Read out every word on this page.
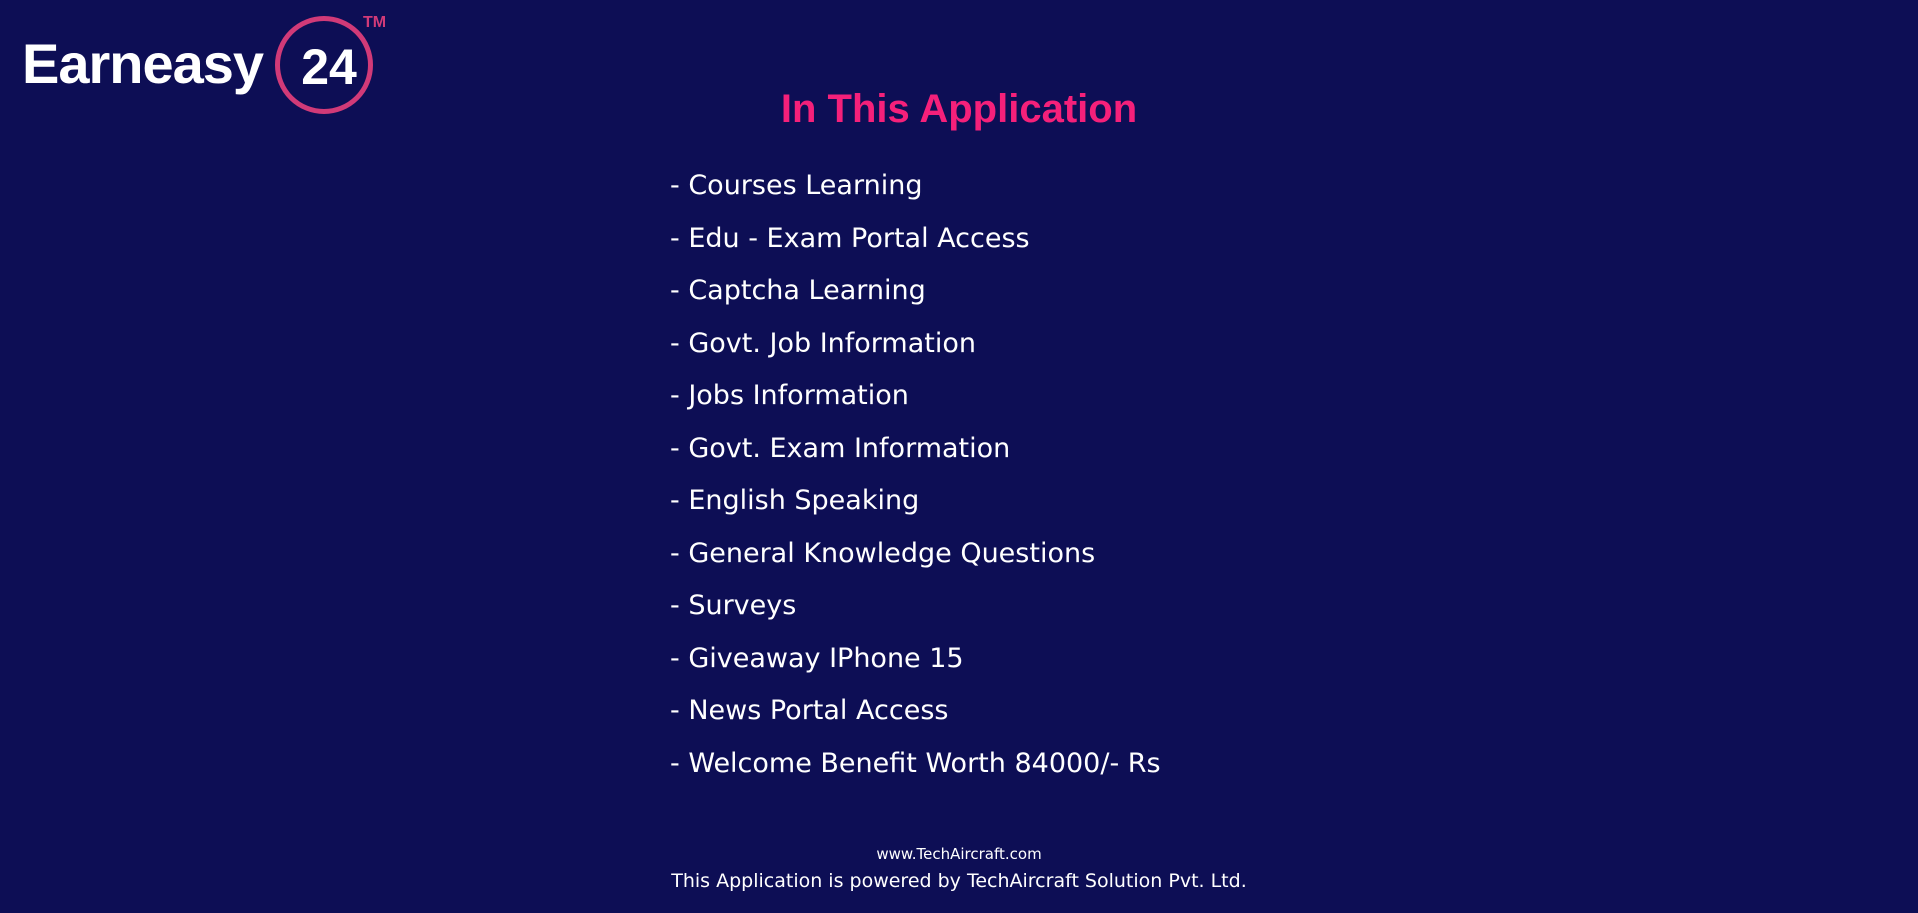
Earneasy 24
TM
In This Application
- Courses Learning
- Edu - Exam Portal Access
- Captcha Learning
- Govt. Job Information
- Jobs Information
- Govt. Exam Information
- English Speaking
- General Knowledge Questions
- Surveys
- Giveaway IPhone 15
- News Portal Access
- Welcome Benefit Worth 84000/- Rs
www.TechAircraft.com
This Application is powered by TechAircraft Solution Pvt. Ltd.
